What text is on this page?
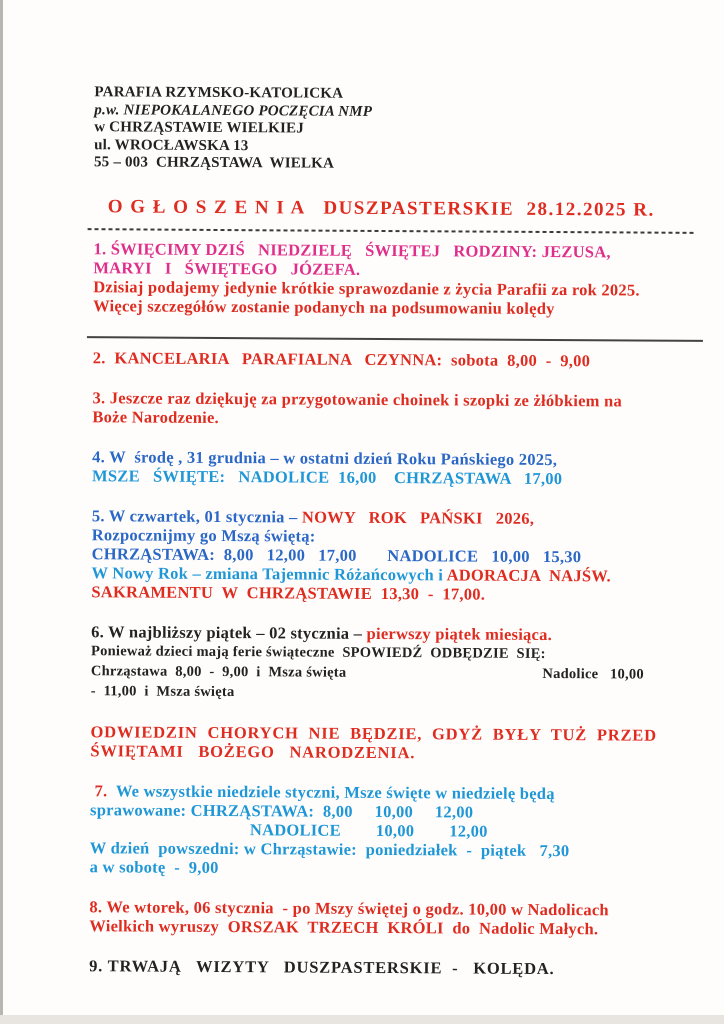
PARAFIA RZYMSKO-KATOLICKA
p.w. NIEPOKALANEGO POCZĘCIA NMP
w CHRZĄSTAWIE WIELKIEJ
ul. WROCŁAWSKA 13
55 – 003  CHRZĄSTAWA  WIELKA
O G Ł O S Z E N I A   DUSZPASTERSKIE  28.12.2025 R.
1. ŚWIĘCIMY DZIŚ   NIEDZIELĘ   ŚWIĘTEJ   RODZINY: JEZUSA,
MARYI   I   ŚWIĘTEGO   JÓZEFA.
Dzisiaj podajemy jedynie krótkie sprawozdanie z życia Parafii za rok 2025.
Więcej szczegółów zostanie podanych na podsumowaniu kolędy
2.  KANCELARIA   PARAFIALNA   CZYNNA:  sobota  8,00  -  9,00
3. Jeszcze raz dziękuję za przygotowanie choinek i szopki ze żłóbkiem na
Boże Narodzenie.
4. W  środę , 31 grudnia – w ostatni dzień Roku Pańskiego 2025,
MSZE   ŚWIĘTE:   NADOLICE  16,00    CHRZĄSTAWA   17,00
5. W czwartek, 01 stycznia – NOWY   ROK   PAŃSKI   2026,
Rozpocznijmy go Mszą świętą:
CHRZĄSTAWA:  8,00   12,00   17,00       NADOLICE   10,00   15,30
W Nowy Rok – zmiana Tajemnic Różańcowych i ADORACJA  NAJŚW.
SAKRAMENTU  W  CHRZĄSTAWIE  13,30  -  17,00.
6. W najbliższy piątek – 02 stycznia – pierwszy piątek miesiąca.
Ponieważ dzieci mają ferie świąteczne  SPOWIEDŹ  ODBĘDZIE  SIĘ:
Chrząstawa  8,00  -  9,00  i  Msza święta	Nadolice   10,00
-  11,00  i  Msza święta
ODWIEDZIN  CHORYCH  NIE  BĘDZIE,  GDYŻ  BYŁY  TUŻ  PRZED
ŚWIĘTAMI   BOŻEGO   NARODZENIA.
7.  We wszystkie niedziele styczni, Msze święte w niedzielę będą
sprawowane: CHRZĄSTAWA:  8,00     10,00     12,00
NADOLICE        10,00        12,00
W dzień  powszedni: w Chrząstawie:  poniedziałek  -  piątek   7,30
a w sobotę  -  9,00
8. We wtorek, 06 stycznia  - po Mszy świętej o godz. 10,00 w Nadolicach
Wielkich wyruszy  ORSZAK  TRZECH  KRÓLI  do  Nadolic Małych.
9. TRWAJĄ   WIZYTY   DUSZPASTERSKIE  -   KOLĘDA.
